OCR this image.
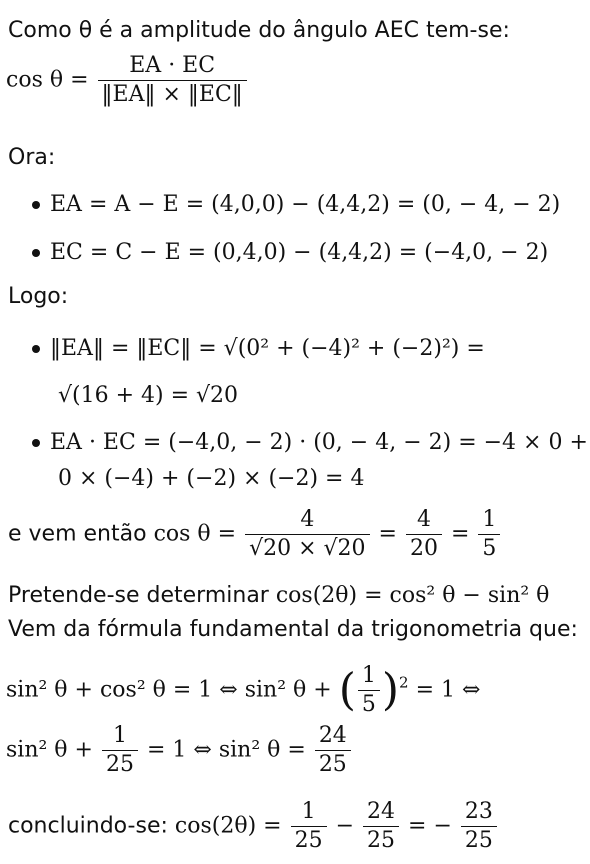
Como θ é a amplitude do ângulo AEC tem-se:
$\cos \theta = \frac{EA \cdot EC}{‖EA‖ \times ‖EC‖}$
Ora:
EA = A − E = (4,0,0) − (4,4,2) = (0, − 4, − 2)
EC = C − E = (0,4,0) − (4,4,2) = (−4,0, − 2)
Logo:
‖EA‖ = ‖EC‖ = √(0² + (−4)² + (−2)²) =
√(16 + 4) = √20
EA · EC = (−4,0, − 2) · (0, − 4, − 2) = −4 × 0 +
0 × (−4) + (−2) × (−2) = 4
e vem então $\cos \theta = \frac{4}{√20 \times √20} = \frac{4}{20} = \frac{1}{5}$
Pretende-se determinar cos(2θ) = cos² θ − sin² θ
Vem da fórmula fundamental da trigonometria que:
sin² θ + cos² θ = 1 ⇔ sin² θ + ( $\frac{1}{5} )^2 = 1$ ⇔
sin² $\theta + \frac{1}{25} = 1$ ⇔ sin² $\theta = \frac{24}{25}$
concluindo-se: $\cos(2\theta) = \frac{1}{25} - \frac{24}{25}$ = − $\frac{23}{25}$
